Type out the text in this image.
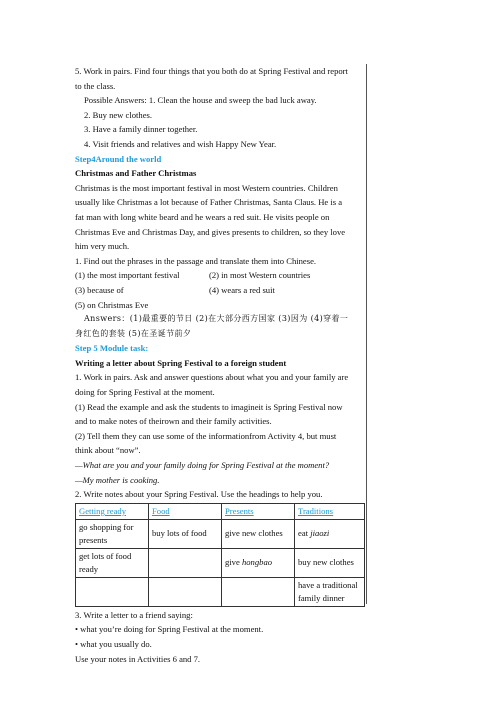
5. Work in pairs. Find four things that you both do at Spring Festival and report

to the class.

Possible Answers: 1. Clean the house and sweep the bad luck away.

2. Buy new clothes.

3. Have a family dinner together.

4. Visit friends and relatives and wish Happy New Year.

Step4Around the world

Christmas and Father Christmas

Christmas is the most important festival in most Western countries. Children

usually like Christmas a lot because of Father Christmas, Santa Claus. He is a

fat man with long white beard and he wears a red suit. He visits people on

Christmas Eve and Christmas Day, and gives presents to children, so they love

him very much.

1. Find out the phrases in the passage and translate them into Chinese.

(1) the most important festival	(2) in most Western countries

(3) because of	(4) wears a red suit

(5) on Christmas Eve

Answers：(1)最重要的节日 (2)在大部分西方国家 (3)因为 (4)穿着一

身红色的套装 (5)在圣诞节前夕

Step 5 Module task:

Writing a letter about Spring Festival to a foreign student

1. Work in pairs. Ask and answer questions about what you and your family are

doing for Spring Festival at the moment.

(1) Read the example and ask the students to imagineit is Spring Festival now

and to make notes of theirown and their family activities.

(2) Tell them they can use some of the informationfrom Activity 4, but must

think about “now”.

—What are you and your family doing for Spring Festival at the moment?

—My mother is cooking.

2. Write notes about your Spring Festival. Use the headings to help you.

Getting ready	Food	Presents	Traditions
go shopping for presents	buy lots of food	give new clothes	eat jiaozi
get lots of food ready		give hongbao	buy new clothes
			have a traditional family dinner

3. Write a letter to a friend saying:

• what you’re doing for Spring Festival at the moment.

• what you usually do.

Use your notes in Activities 6 and 7.
